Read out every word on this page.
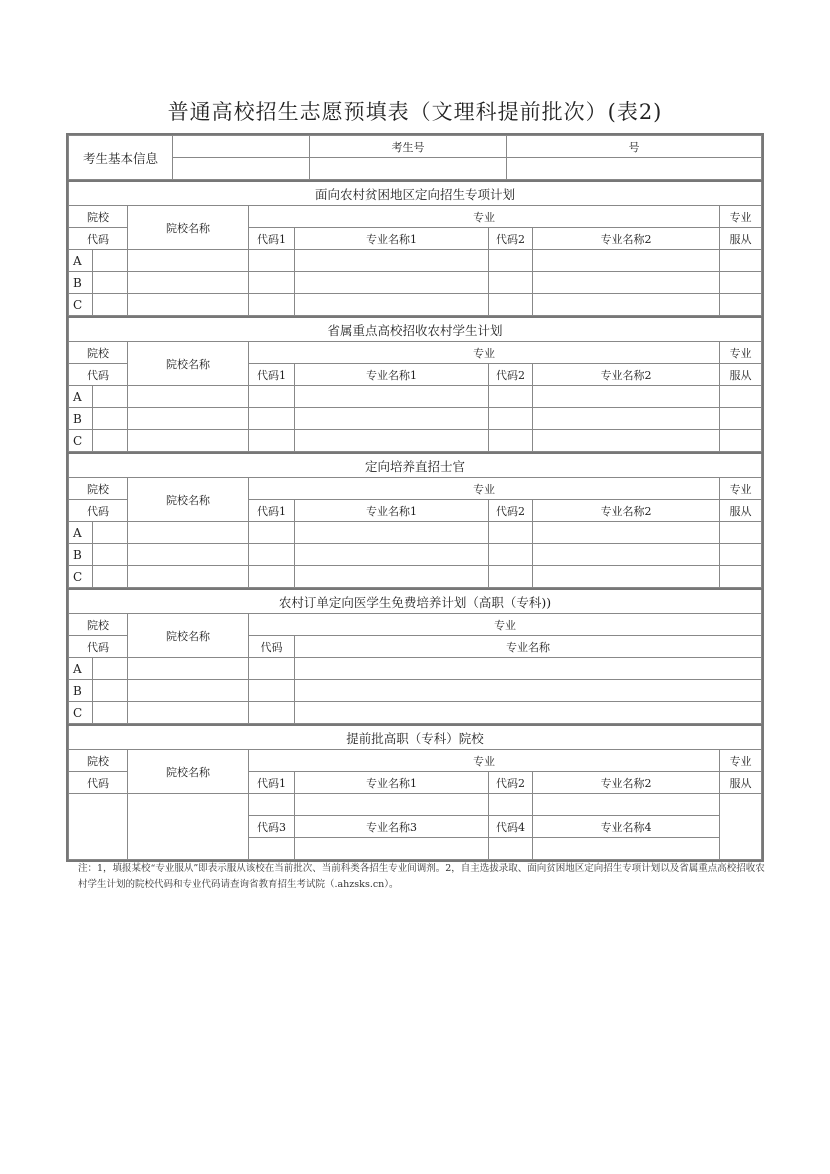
普通高校招生志愿预填表（文理科提前批次）(表2)
考生基本信息		考生号	号

面向农村贫困地区定向招生专项计划							
院校		院校名称	专业				专业
代码			代码1	专业名称1	代码2	专业名称2	服从
A							
B							
C							
省属重点高校招收农村学生计划							
院校		院校名称	专业				专业
代码			代码1	专业名称1	代码2	专业名称2	服从
A							
B							
C							
定向培养直招士官							
院校		院校名称	专业				专业
代码			代码1	专业名称1	代码2	专业名称2	服从
A							
B							
C							
农村订单定向医学生免费培养计划（高职（专科))				
院校		院校名称	专业	
代码			代码	专业名称
A				
B				
C				
提前批高职（专科）院校						
院校	院校名称	专业				专业
代码		代码1	专业名称1	代码2	专业名称2	服从

		代码3	专业名称3	代码4	专业名称4	

注：1，填报某校“专业服从”即表示服从该校在当前批次、当前科类各招生专业间调剂。2，自主选拔录取、面向贫困地区定向招生专项计划以及省属重点高校招收农村学生计划的院校代码和专业代码请查询省教育招生考试院（.ahzsks.cn）。
